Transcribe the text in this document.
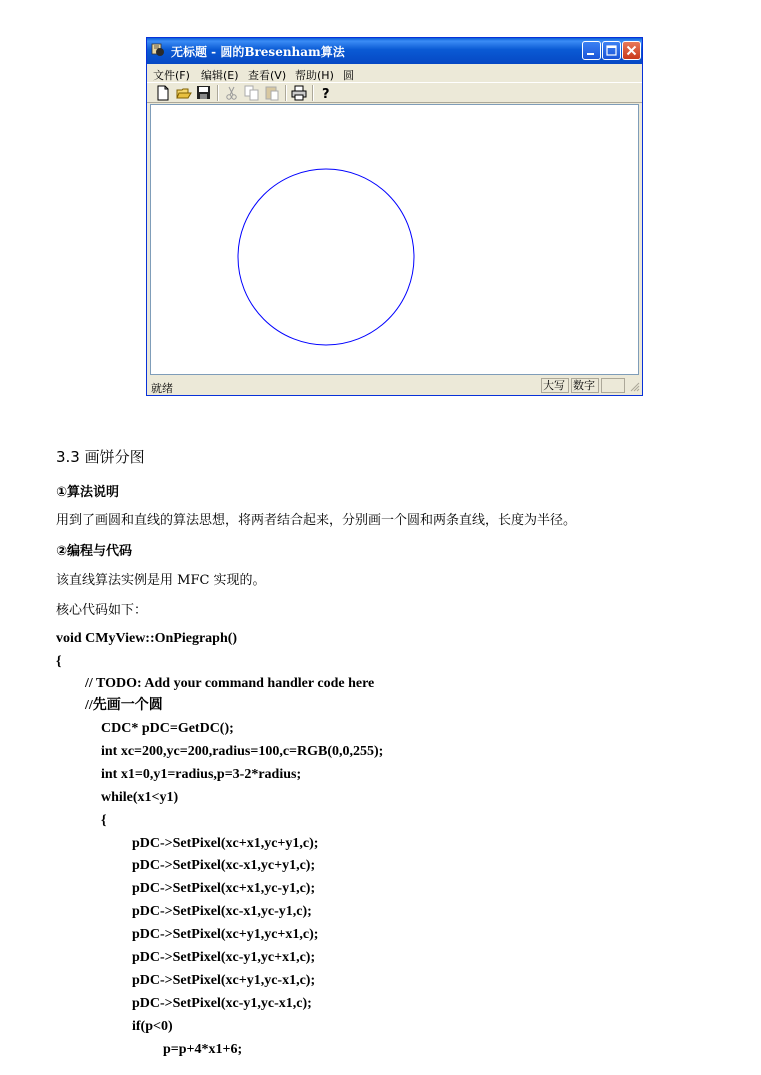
无标题 - 圆的Bresenham算法
文件(F) 编辑(E) 查看(V) 帮助(H) 圆
?
就绪	大写 数字
3.3 画饼分图
①算法说明
用到了画圆和直线的算法思想，将两者结合起来，分别画一个圆和两条直线，长度为半径。
②编程与代码
该直线算法实例是用 MFC 实现的。
核心代码如下：
void CMyView::OnPiegraph()
{
// TODO: Add your command handler code here
//先画一个圆
CDC* pDC=GetDC();
int xc=200,yc=200,radius=100,c=RGB(0,0,255);
int x1=0,y1=radius,p=3-2*radius;
while(x1<y1)
{
pDC->SetPixel(xc+x1,yc+y1,c);
pDC->SetPixel(xc-x1,yc+y1,c);
pDC->SetPixel(xc+x1,yc-y1,c);
pDC->SetPixel(xc-x1,yc-y1,c);
pDC->SetPixel(xc+y1,yc+x1,c);
pDC->SetPixel(xc-y1,yc+x1,c);
pDC->SetPixel(xc+y1,yc-x1,c);
pDC->SetPixel(xc-y1,yc-x1,c);
if(p<0)
p=p+4*x1+6;
